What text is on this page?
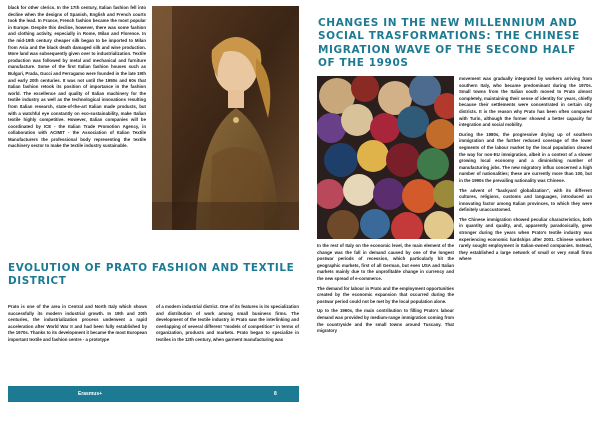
black for other clerics. In the 17th century, Italian fashion fell into decline when the designs of Spanish, English and French courts took the lead. In France, French fashion became the most popular in Europe. Despite this decline, however, there was some fashion and clothing activity, especially in Rome, Milan and Florence. In the mid-19th century cheaper silk began to be imported to Milan from Asia and the black death damaged silk and wine production. More land was subsequently given over to industrialization. Textile production was followed by metal and mechanical and furniture manufacture. Some of the first Italian fashion houses such as Bulgari, Prada, Gucci and Ferragamo were founded in the late 19th and early 20th centuries. It was not until the 1950s and 60s that Italian fashion retook its position of importance in the fashion world. The excellence and quality of Italian machinery for the textile industry as well as the technological innovations resulting from Italian research, state-of-the-art Italian made products, but with a watchful eye constantly on eco-sustainability, make Italian textile highly competitive. However, Italian companies will be coordinated by ICE - the Italian Trade Promotion Agency, in collaboration with ACIMIT - the Association of Italian Textile Manufacturers the professional body representing the textile machinery sector to make the textile industry sustainable.

EVOLUTION OF PRATO FASHION AND TEXTILE DISTRICT

Prato is one of the area in Central and North Italy which shows successfully its modern industrial growth. In 19th and 20th centuries, the industrialization process underwent a rapid acceleration after World War II and had been fully established by the 1970s. Thanks to its development it became the most European important textile and fashion centre - a prototype

of a modern industrial district. One of its features is its specialization and distribution of work among small business firms. The development of the textile industry in Prato saw the interlinking and overlapping of several different "models of competition" in terms of organization, products and markets. Prato began to specialize in textiles in the 12th century, when garment manufacturing was

Erasmus+	8
CHANGES IN THE NEW MILLENNIUM AND SOCIAL TRASFORMATIONS: THE CHINESE MIGRATION WAVE OF THE SECOND HALF OF THE 1990S

In the rest of Italy on the economic level, the main element of the change was the fall in demand caused by one of the longest postwar periods of recession, which particularly hit the geographic markets, first of all German, but even USA and Italian markets mainly due to the unprofitable change in currency and the new spread of e-commerce.

The demand for labour in Prato and the employment opportunities created by the economic expansion that occurred during the postwar period could not be met by the local population alone.

Up to the 1960s, the main contribution to filling Prato's labour demand was provided by medium-range immigration coming from the countryside and the small towns around Tuscany. That migratory

movement was gradually integrated by workers arriving from southern Italy, who became predominant during the 1970s. Small towns from the Italian south moved to Prato almost completely, maintaining their sense of identity for years, chiefly because their settlements were concentrated in certain city districts. It is the reason why Prato has been often compared with Turin, although the former showed a better capacity for integration and social mobility.

During the 1980s, the progressive drying up of southern immigration and the further reduced coverage of the lower segments of the labour market by the local population cleared the way for non-EU immigration, albeit in a context of a slower growing local economy and a diminishing number of manufacturing jobs. The new migratory influx concerned a high number of nationalities; these are currently more than 100, but in the 1990s the prevailing nationality was Chinese.

The advent of "backyard globalization", with its different cultures, religions, customs and languages, introduced an innovating factor among Italian provinces, to which they were definitely unaccustomed.

The Chinese immigration showed peculiar characteristics, both in quantity and quality, and, apparently paradoxically, grew stronger during the years when Prato's textile industry was experiencing economic hardships after 2001. Chinese workers rarely sought employment in Italian-owned companies. Instead, they established a large network of small or very small firms where
